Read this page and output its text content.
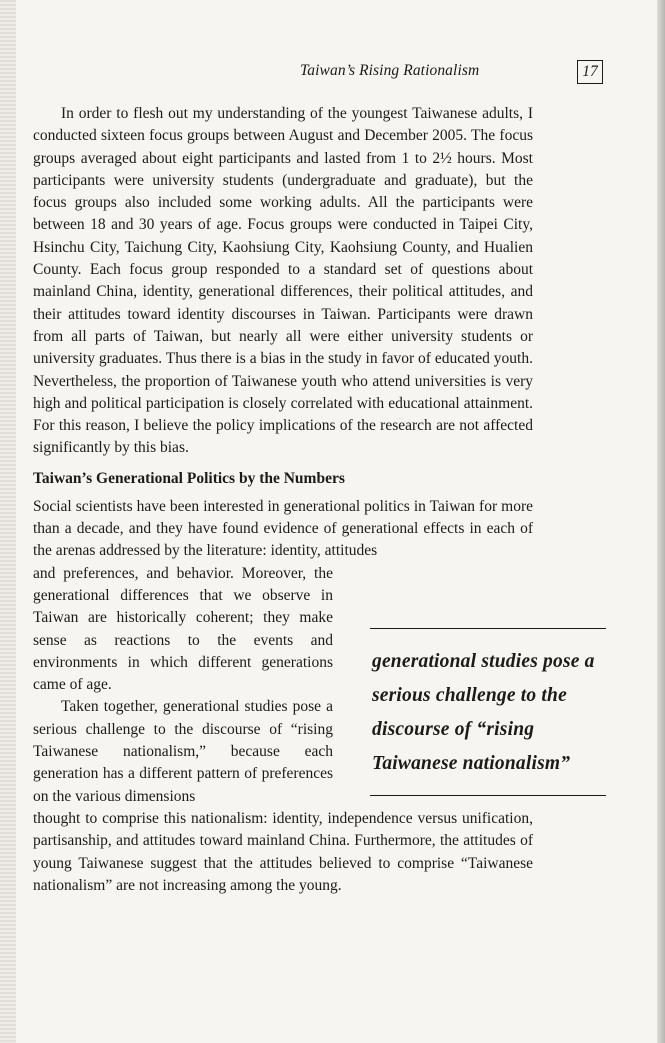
Taiwan’s Rising Rationalism	17

In order to flesh out my understanding of the youngest Taiwanese adults, I conducted sixteen focus groups between August and December 2005. The focus groups averaged about eight participants and lasted from 1 to 2½ hours. Most participants were university students (undergraduate and graduate), but the focus groups also included some working adults. All the participants were between 18 and 30 years of age. Focus groups were conducted in Taipei City, Hsinchu City, Taichung City, Kaohsiung City, Kaohsiung County, and Hualien County. Each focus group responded to a standard set of questions about mainland China, identity, generational differences, their political attitudes, and their attitudes toward identity discourses in Taiwan. Participants were drawn from all parts of Taiwan, but nearly all were either university students or university graduates. Thus there is a bias in the study in favor of educated youth. Nevertheless, the proportion of Taiwanese youth who attend universities is very high and political participation is closely correlated with educational attainment. For this reason, I believe the policy implications of the research are not affected significantly by this bias.

Taiwan’s Generational Politics by the Numbers

Social scientists have been interested in generational politics in Taiwan for more than a decade, and they have found evidence of generational effects in each of the arenas addressed by the literature: identity, attitudes

and preferences, and behavior. Moreover, the generational differences that we observe in Taiwan are historically coherent; they make sense as reactions to the events and environments in which different generations came of age.

Taken together, generational studies pose a serious challenge to the discourse of “rising Taiwanese nationalism,” because each generation has a different pattern of preferences on the various dimensions

thought to comprise this nationalism: identity, independence versus unification, partisanship, and attitudes toward mainland China. Furthermore, the attitudes of young Taiwanese suggest that the attitudes believed to comprise “Taiwanese nationalism” are not increasing among the young.

generational studies pose a serious challenge to the discourse of “rising Taiwanese nationalism”
